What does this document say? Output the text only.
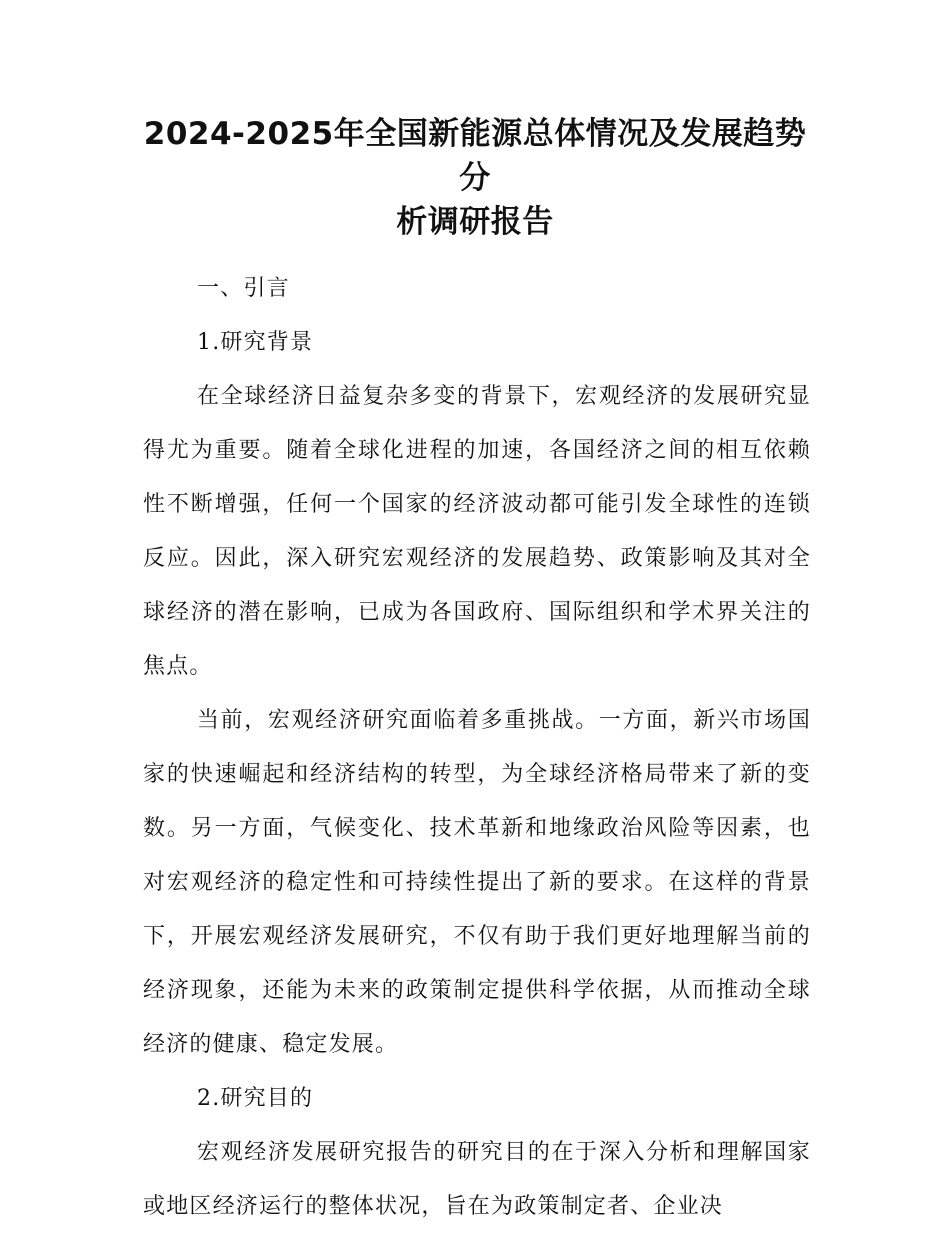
2024-2025年全国新能源总体情况及发展趋势分
析调研报告

一、引言

1.研究背景

在全球经济日益复杂多变的背景下，宏观经济的发展研究显得尤为重要。随着全球化进程的加速，各国经济之间的相互依赖性不断增强，任何一个国家的经济波动都可能引发全球性的连锁反应。因此，深入研究宏观经济的发展趋势、政策影响及其对全球经济的潜在影响，已成为各国政府、国际组织和学术界关注的焦点。

当前，宏观经济研究面临着多重挑战。一方面，新兴市场国家的快速崛起和经济结构的转型，为全球经济格局带来了新的变数。另一方面，气候变化、技术革新和地缘政治风险等因素，也对宏观经济的稳定性和可持续性提出了新的要求。在这样的背景下，开展宏观经济发展研究，不仅有助于我们更好地理解当前的经济现象，还能为未来的政策制定提供科学依据，从而推动全球经济的健康、稳定发展。

2.研究目的

宏观经济发展研究报告的研究目的在于深入分析和理解国家或地区经济运行的整体状况，旨在为政策制定者、企业决
